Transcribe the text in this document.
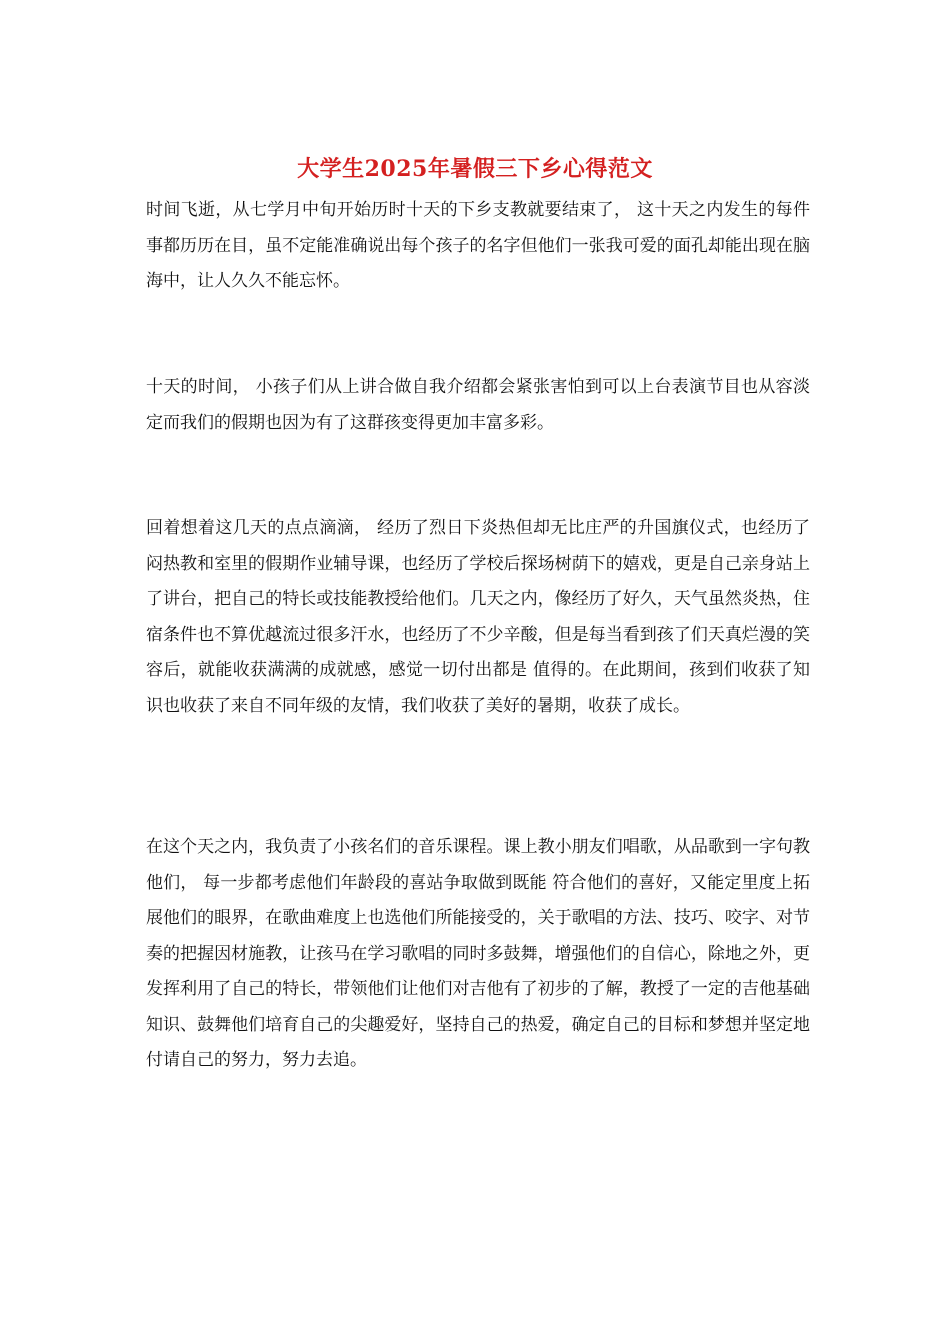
大学生2025年暑假三下乡心得范文

时间飞逝，从七学月中旬开始历时十天的下乡支教就要结束了， 这十天之内发生的每件事都历历在目，虽不定能准确说出每个孩子的名字但他们一张我可爱的面孔却能出现在脑海中，让人久久不能忘怀。

十天的时间， 小孩子们从上讲合做自我介绍都会紧张害怕到可以上台表演节目也从容淡定而我们的假期也因为有了这群孩变得更加丰富多彩。

回着想着这几天的点点滴滴， 经历了烈日下炎热但却无比庄严的升国旗仪式，也经历了闷热教和室里的假期作业辅导课，也经历了学校后探场树荫下的嬉戏，更是自己亲身站上了讲台，把自己的特长或技能教授给他们。几天之内，像经历了好久，天气虽然炎热，住宿条件也不算优越流过很多汗水，也经历了不少辛酸，但是每当看到孩了们天真烂漫的笑容后，就能收获满满的成就感，感觉一切付出都是 值得的。在此期间，孩到们收获了知识也收获了来自不同年级的友情，我们收获了美好的暑期，收获了成长。

在这个天之内，我负责了小孩名们的音乐课程。课上教小朋友们唱歌，从品歌到一字句教他们， 每一步都考虑他们年龄段的喜站争取做到既能 符合他们的喜好，又能定里度上拓展他们的眼界，在歌曲难度上也选他们所能接受的，关于歌唱的方法、技巧、咬字、对节奏的把握因材施教，让孩马在学习歌唱的同时多鼓舞，增强他们的自信心，除地之外，更发挥利用了自己的特长，带领他们让他们对吉他有了初步的了解，教授了一定的吉他基础知识、鼓舞他们培育自己的尖趣爱好，坚持自己的热爱，确定自己的目标和梦想并坚定地付请自己的努力，努力去追。
